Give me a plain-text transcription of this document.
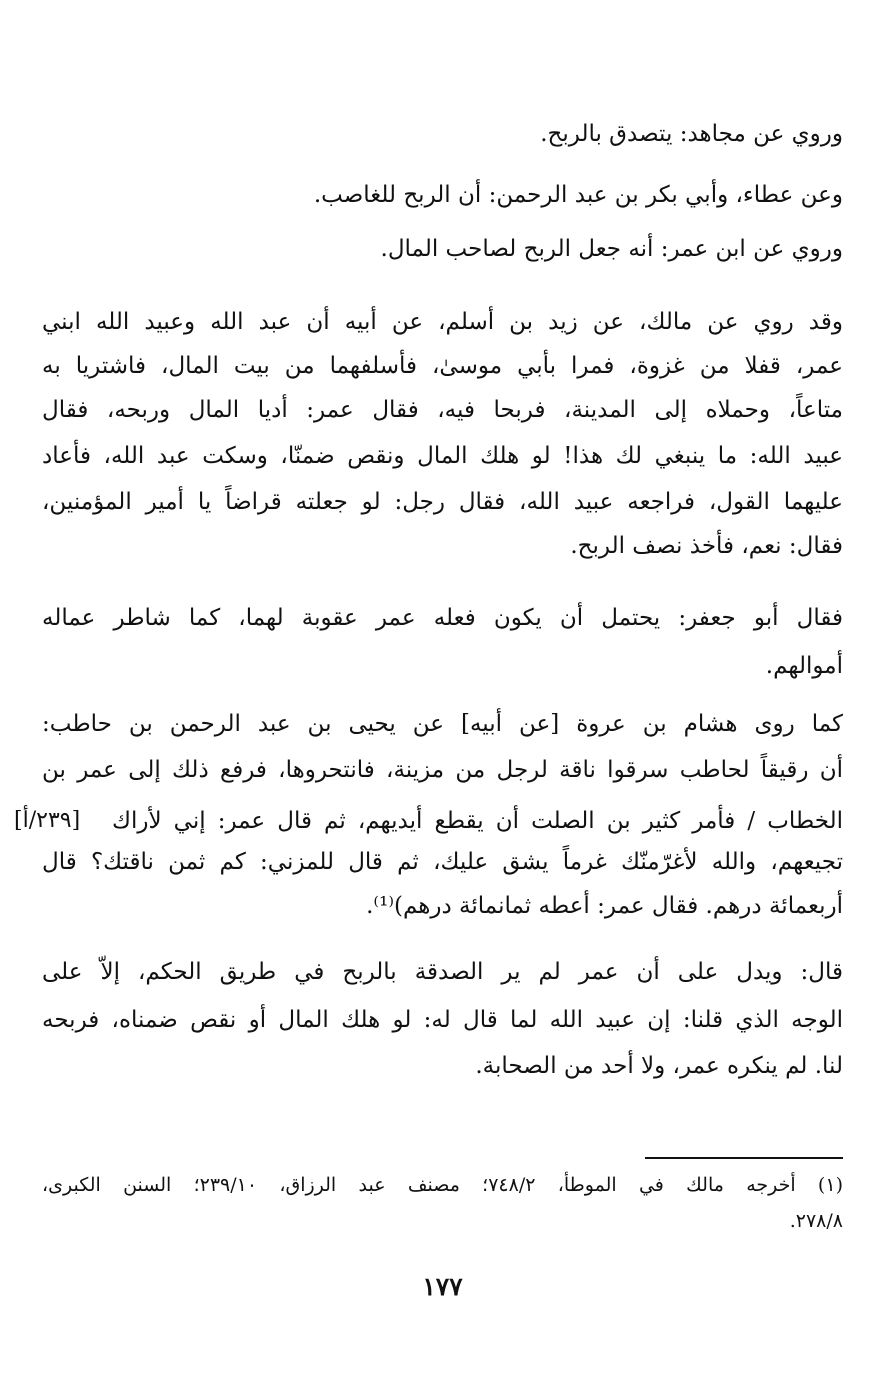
وروي عن مجاهد: يتصدق بالربح.
وعن عطاء، وأبي بكر بن عبد الرحمن: أن الربح للغاصب.
وروي عن ابن عمر: أنه جعل الربح لصاحب المال.
وقد روي عن مالك، عن زيد بن أسلم، عن أبيه أن عبد الله وعبيد الله ابني
عمر، قفلا من غزوة، فمرا بأبي موسىٰ، فأسلفهما من بيت المال، فاشتريا به
متاعاً، وحملاه إلى المدينة، فربحا فيه، فقال عمر: أديا المال وربحه، فقال
عبيد الله: ما ينبغي لك هذا! لو هلك المال ونقص ضمنّا، وسكت عبد الله، فأعاد
عليهما القول، فراجعه عبيد الله، فقال رجل: لو جعلته قراضاً يا أمير المؤمنين،
فقال: نعم، فأخذ نصف الربح.
فقال أبو جعفر: يحتمل أن يكون فعله عمر عقوبة لهما، كما شاطر عماله
أموالهم.
كما روى هشام بن عروة [عن أبيه] عن يحيى بن عبد الرحمن بن حاطب:
أن رقيقاً لحاطب سرقوا ناقة لرجل من مزينة، فانتحروها، فرفع ذلك إلى عمر بن
الخطاب / فأمر كثير بن الصلت أن يقطع أيديهم، ثم قال عمر: إني لأراك
تجيعهم، والله لأغرّمنّك غرماً يشق عليك، ثم قال للمزني: كم ثمن ناقتك؟ قال
أربعمائة درهم. فقال عمر: أعطه ثمانمائة درهم)⁽¹⁾.
قال: ويدل على أن عمر لم ير الصدقة بالربح في طريق الحكم، إلاّ على
الوجه الذي قلنا: إن عبيد الله لما قال له: لو هلك المال أو نقص ضمناه، فربحه
لنا. لم ينكره عمر، ولا أحد من الصحابة.
[٢٣٩/أ]
(١) أخرجه مالك في الموطأ، ٧٤٨/٢؛ مصنف عبد الرزاق، ٢٣٩/١٠؛ السنن الكبرى،
٢٧٨/٨.
١٧٧
